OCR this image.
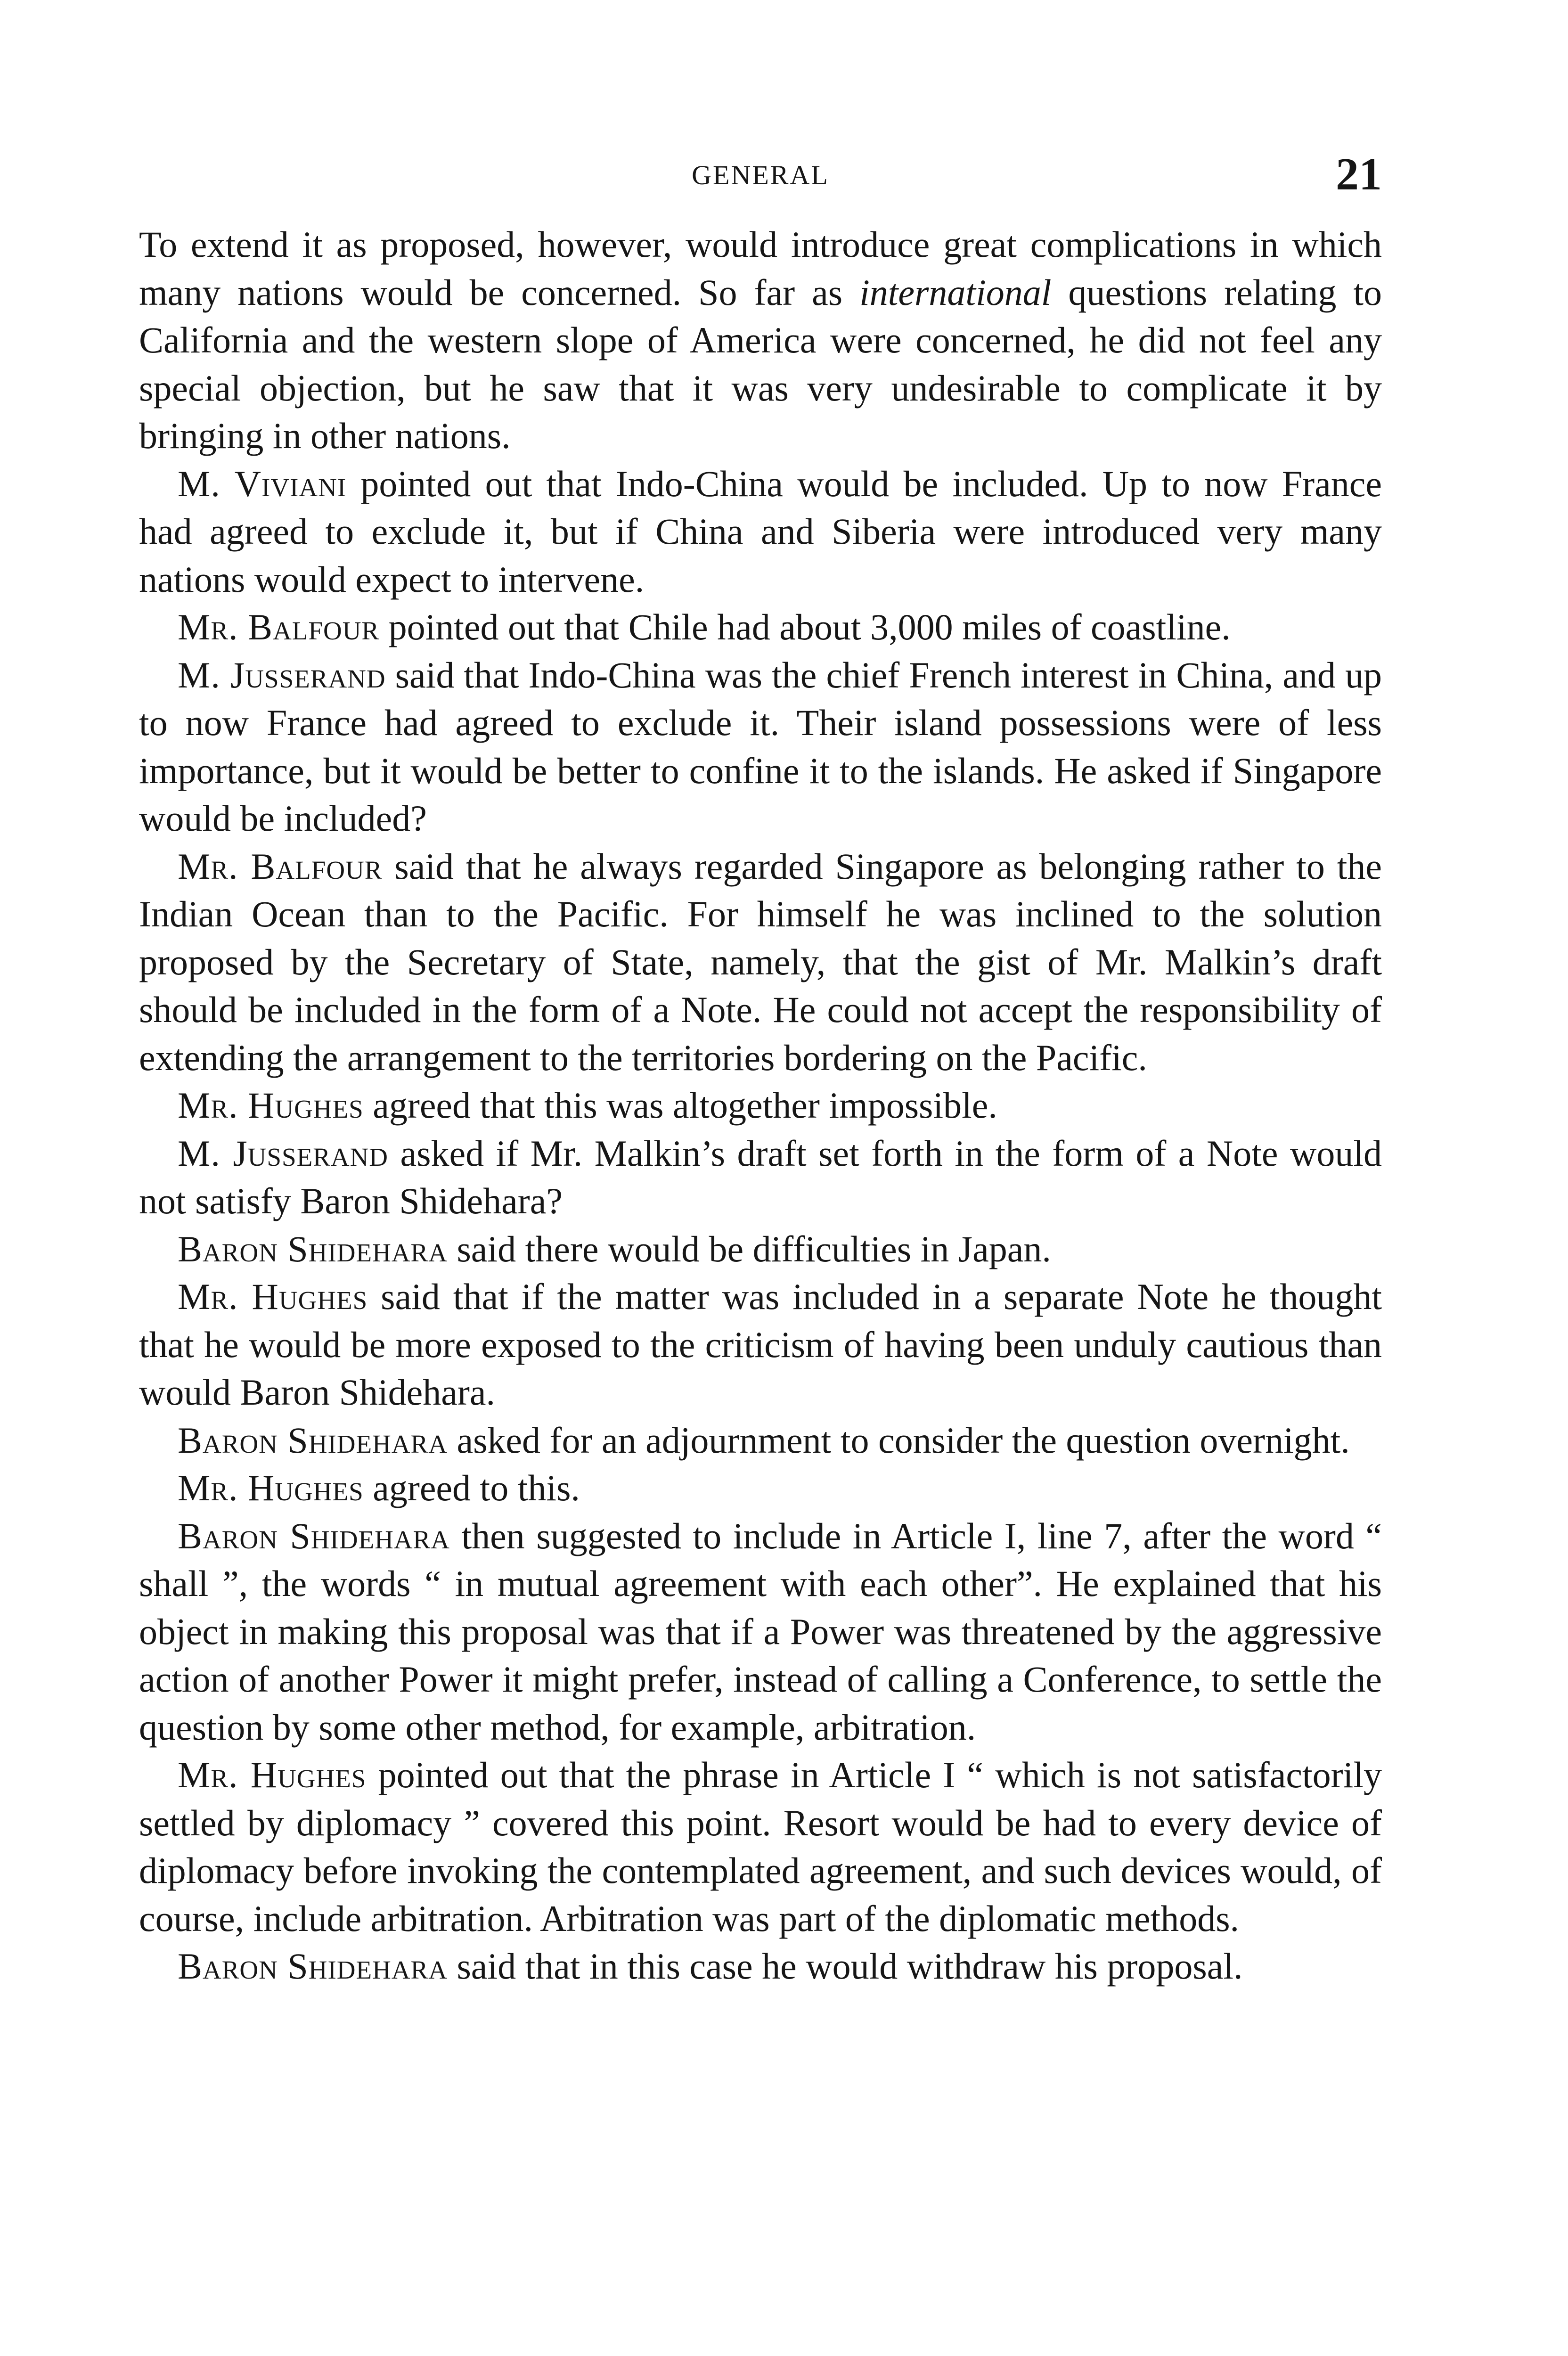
GENERAL	21

To extend it as proposed, however, would introduce great complications in which many nations would be concerned. So far as international questions relating to California and the western slope of America were concerned, he did not feel any special objection, but he saw that it was very undesirable to complicate it by bringing in other nations.

M. Viviani pointed out that Indo-China would be included. Up to now France had agreed to exclude it, but if China and Siberia were introduced very many nations would expect to intervene.

Mr. Balfour pointed out that Chile had about 3,000 miles of coastline.

M. Jusserand said that Indo-China was the chief French interest in China, and up to now France had agreed to exclude it. Their island possessions were of less importance, but it would be better to confine it to the islands. He asked if Singapore would be included?

Mr. Balfour said that he always regarded Singapore as belonging rather to the Indian Ocean than to the Pacific. For himself he was inclined to the solution proposed by the Secretary of State, namely, that the gist of Mr. Malkin’s draft should be included in the form of a Note. He could not accept the responsibility of extending the arrangement to the territories bordering on the Pacific.

Mr. Hughes agreed that this was altogether impossible.

M. Jusserand asked if Mr. Malkin’s draft set forth in the form of a Note would not satisfy Baron Shidehara?

Baron Shidehara said there would be difficulties in Japan.

Mr. Hughes said that if the matter was included in a separate Note he thought that he would be more exposed to the criticism of having been unduly cautious than would Baron Shidehara.

Baron Shidehara asked for an adjournment to consider the question overnight.

Mr. Hughes agreed to this.

Baron Shidehara then suggested to include in Article I, line 7, after the word “ shall ”, the words “ in mutual agreement with each other”. He explained that his object in making this proposal was that if a Power was threatened by the aggressive action of another Power it might prefer, instead of calling a Conference, to settle the question by some other method, for example, arbitration.

Mr. Hughes pointed out that the phrase in Article I “ which is not satisfactorily settled by diplomacy ” covered this point. Resort would be had to every device of diplomacy before invoking the contemplated agreement, and such devices would, of course, include arbitration. Arbitration was part of the diplomatic methods.

Baron Shidehara said that in this case he would withdraw his proposal.
